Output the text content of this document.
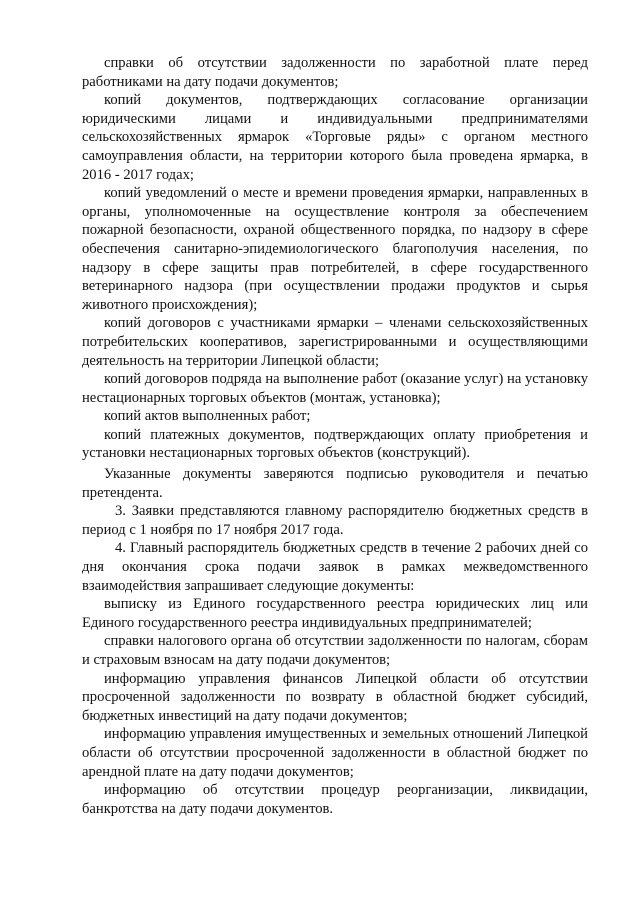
справки об отсутствии задолженности по заработной плате перед работниками на дату подачи документов;

копий документов, подтверждающих согласование организации юридическими лицами и индивидуальными предпринимателями сельскохозяйственных ярмарок «Торговые ряды» с органом местного самоуправления области, на территории которого была проведена ярмарка, в 2016 - 2017 годах;

копий уведомлений о месте и времени проведения ярмарки, направленных в органы, уполномоченные на осуществление контроля за обеспечением пожарной безопасности, охраной общественного порядка, по надзору в сфере обеспечения санитарно-эпидемиологического благополучия населения, по надзору в сфере защиты прав потребителей, в сфере государственного ветеринарного надзора (при осуществлении продажи продуктов и сырья животного происхождения);

копий договоров с участниками ярмарки – членами сельскохозяйственных потребительских кооперативов, зарегистрированными и осуществляющими деятельность на территории Липецкой области;

копий договоров подряда на выполнение работ (оказание услуг) на установку нестационарных торговых объектов (монтаж, установка);

копий актов выполненных работ;

копий платежных документов, подтверждающих оплату приобретения и установки нестационарных торговых объектов (конструкций).

Указанные документы заверяются подписью руководителя и печатью претендента.

3. Заявки представляются главному распорядителю бюджетных средств в период с 1 ноября по 17 ноября 2017 года.

4. Главный распорядитель бюджетных средств в течение 2 рабочих дней со дня окончания срока подачи заявок в рамках межведомственного взаимодействия запрашивает следующие документы:

выписку из Единого государственного реестра юридических лиц или Единого государственного реестра индивидуальных предпринимателей;

справки налогового органа об отсутствии задолженности по налогам, сборам и страховым взносам на дату подачи документов;

информацию управления финансов Липецкой области об отсутствии просроченной задолженности по возврату в областной бюджет субсидий, бюджетных инвестиций на дату подачи документов;

информацию управления имущественных и земельных отношений Липецкой области об отсутствии просроченной задолженности в областной бюджет по арендной плате на дату подачи документов;

информацию об отсутствии процедур реорганизации, ликвидации, банкротства на дату подачи документов.
